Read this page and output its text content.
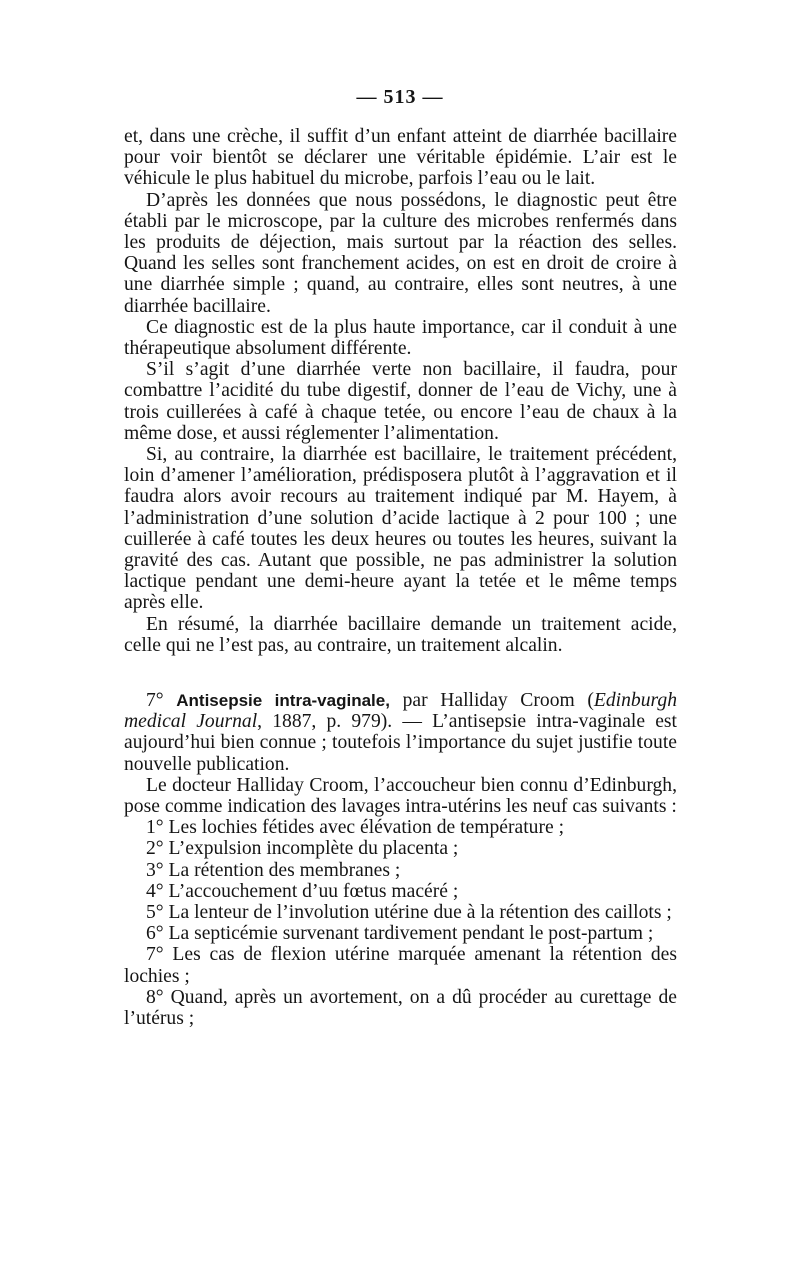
— 513 —

et, dans une crèche, il suffit d’un enfant atteint de diarrhée bacillaire pour voir bientôt se déclarer une véritable épidémie. L’air est le véhicule le plus habituel du microbe, parfois l’eau ou le lait.

D’après les données que nous possédons, le diagnostic peut être établi par le microscope, par la culture des microbes renfermés dans les produits de déjection, mais surtout par la réaction des selles. Quand les selles sont franchement acides, on est en droit de croire à une diarrhée simple ; quand, au contraire, elles sont neutres, à une diarrhée bacillaire.

Ce diagnostic est de la plus haute importance, car il conduit à une thérapeutique absolument différente.

S’il s’agit d’une diarrhée verte non bacillaire, il faudra, pour combattre l’acidité du tube digestif, donner de l’eau de Vichy, une à trois cuillerées à café à chaque tetée, ou encore l’eau de chaux à la même dose, et aussi réglementer l’alimentation.

Si, au contraire, la diarrhée est bacillaire, le traitement précédent, loin d’amener l’amélioration, prédisposera plutôt à l’aggravation et il faudra alors avoir recours au traitement indiqué par M. Hayem, à l’administration d’une solution d’acide lactique à 2 pour 100 ; une cuillerée à café toutes les deux heures ou toutes les heures, suivant la gravité des cas. Autant que possible, ne pas administrer la solution lactique pendant une demi-heure ayant la tetée et le même temps après elle.

En résumé, la diarrhée bacillaire demande un traitement acide, celle qui ne l’est pas, au contraire, un traitement alcalin.

7° Antisepsie intra-vaginale, par Halliday Croom (Edinburgh medical Journal, 1887, p. 979). — L’antisepsie intra-vaginale est aujourd’hui bien connue ; toutefois l’importance du sujet justifie toute nouvelle publication.

Le docteur Halliday Croom, l’accoucheur bien connu d’Edinburgh, pose comme indication des lavages intra-utérins les neuf cas suivants :

1° Les lochies fétides avec élévation de température ;

2° L’expulsion incomplète du placenta ;

3° La rétention des membranes ;

4° L’accouchement d’uu fœtus macéré ;

5° La lenteur de l’involution utérine due à la rétention des caillots ;

6° La septicémie survenant tardivement pendant le post-partum ;

7° Les cas de flexion utérine marquée amenant la rétention des lochies ;

8° Quand, après un avortement, on a dû procéder au curettage de l’utérus ;
